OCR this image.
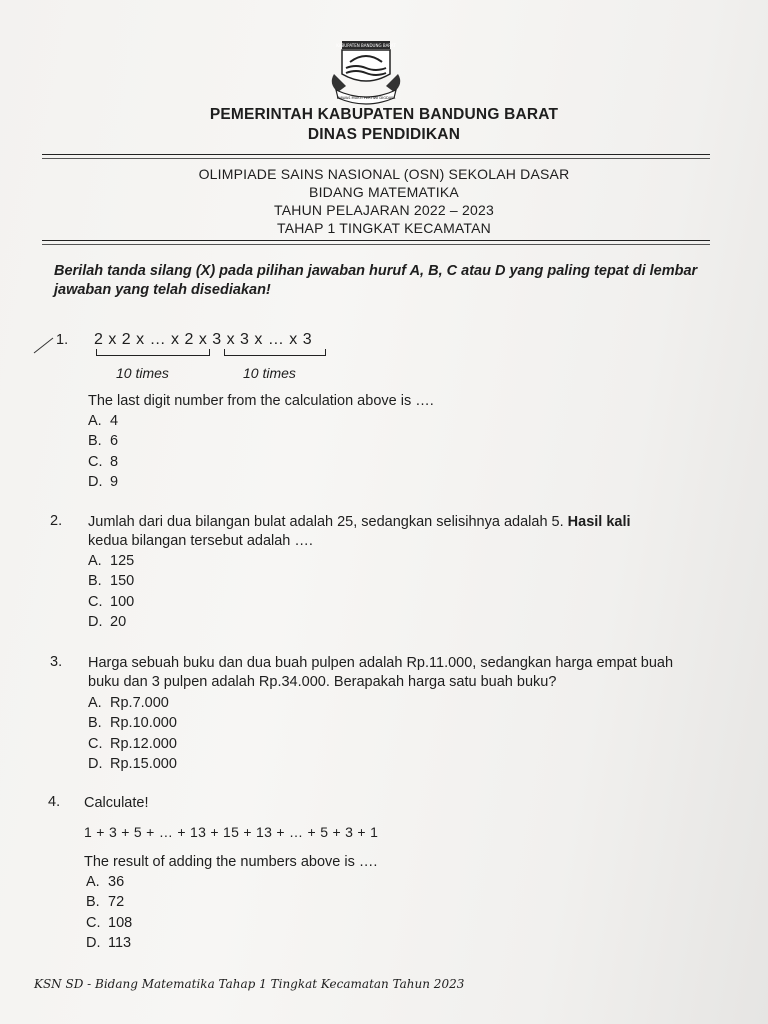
KABUPATEN BANDUNG BARAT
WAWAS MUKTI PERTIWI DIGDAYA
PEMERINTAH KABUPATEN BANDUNG BARAT
DINAS PENDIDIKAN
OLIMPIADE SAINS NASIONAL (OSN) SEKOLAH DASAR
BIDANG MATEMATIKA
TAHUN PELAJARAN 2022 – 2023
TAHAP 1 TINGKAT KECAMATAN
Berilah tanda silang (X) pada pilihan jawaban huruf A, B, C atau D yang paling tepat di lembar jawaban yang telah disediakan!
1. 2 x 2 x … x 2 x 3 x 3 x … x 3
10 times	10 times
The last digit number from the calculation above is ….
A. 4
B. 6
C. 8
D. 9
2. Jumlah dari dua bilangan bulat adalah 25, sedangkan selisihnya adalah 5. Hasil kali
kedua bilangan tersebut adalah ….
A. 125
B. 150
C. 100
D. 20
3. Harga sebuah buku dan dua buah pulpen adalah Rp.11.000, sedangkan harga empat buah buku dan 3 pulpen adalah Rp.34.000. Berapakah harga satu buah buku?
A. Rp.7.000
B. Rp.10.000
C. Rp.12.000
D. Rp.15.000
4. Calculate!
1 + 3 + 5 + … + 13 + 15 + 13 + … + 5 + 3 + 1
The result of adding the numbers above is ….
A. 36
B. 72
C. 108
D. 113
KSN SD - Bidang Matematika Tahap 1 Tingkat Kecamatan Tahun 2023
